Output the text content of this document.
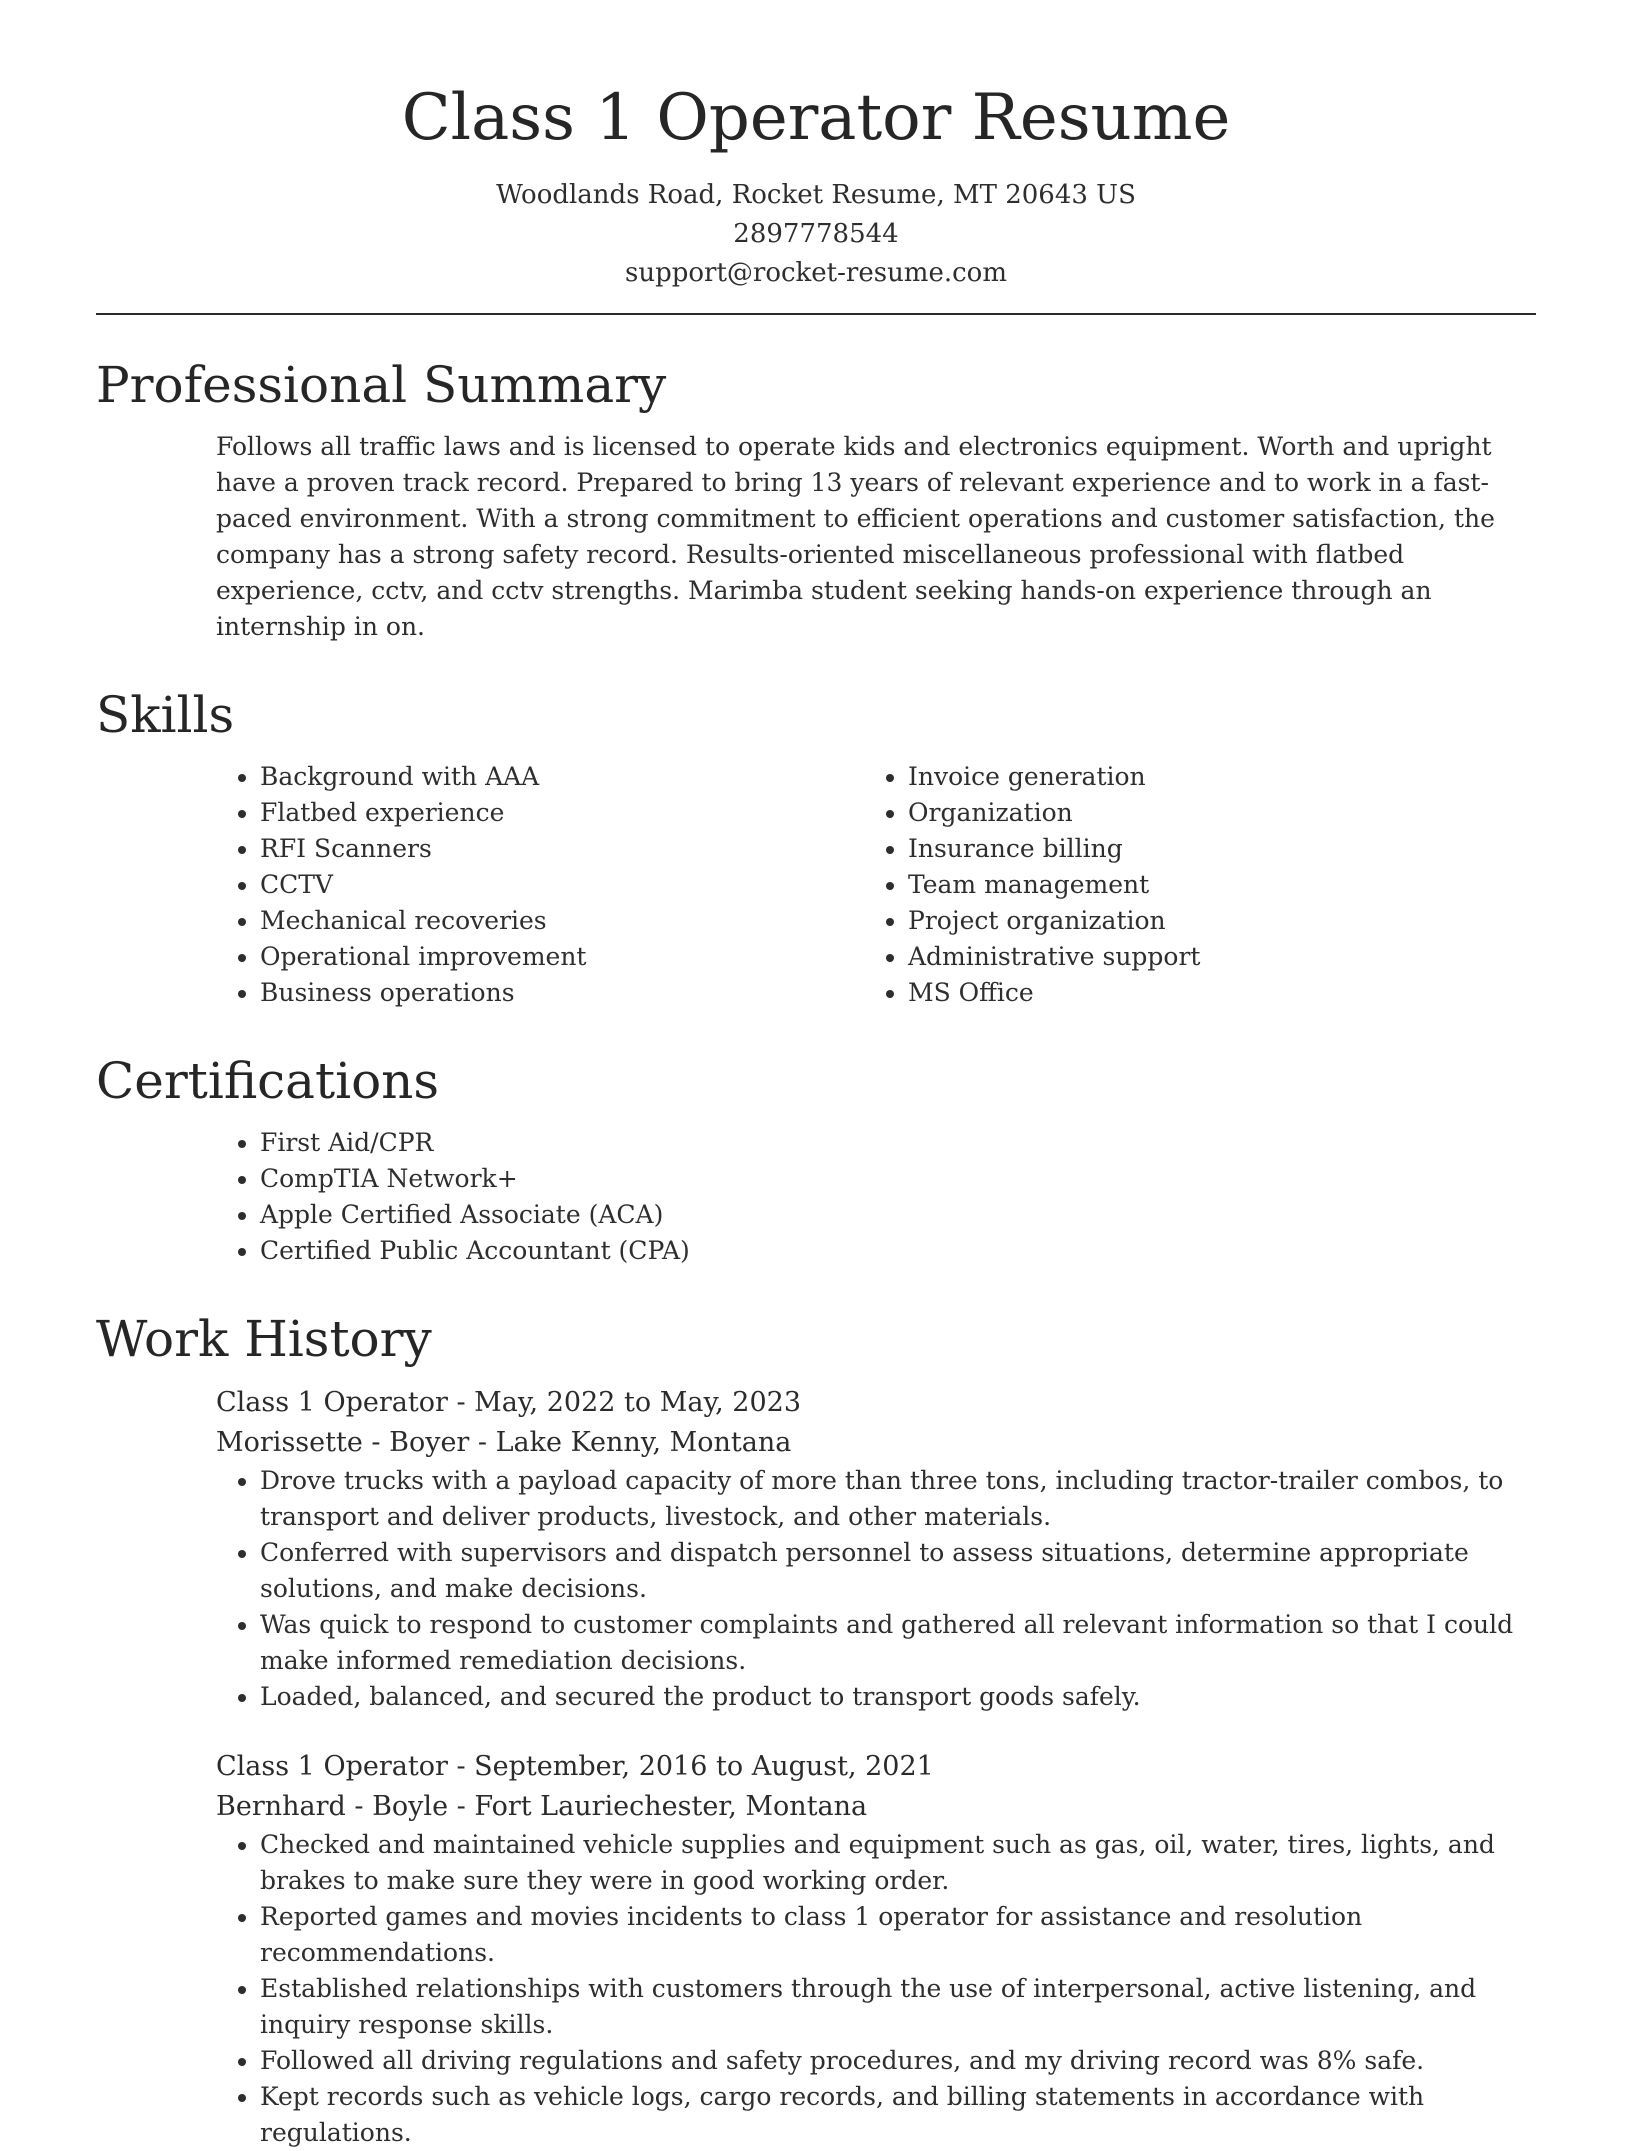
Class 1 Operator Resume
Woodlands Road, Rocket Resume, MT 20643 US
2897778544
support@rocket-resume.com
Professional Summary

Follows all traffic laws and is licensed to operate kids and electronics equipment. Worth and upright have a proven track record. Prepared to bring 13 years of relevant experience and to work in a fast-paced environment. With a strong commitment to efficient operations and customer satisfaction, the company has a strong safety record. Results-oriented miscellaneous professional with flatbed experience, cctv, and cctv strengths. Marimba student seeking hands-on experience through an internship in on.

Skills
• Background with AAA
• Flatbed experience
• RFI Scanners
• CCTV
• Mechanical recoveries
• Operational improvement
• Business operations
• Invoice generation
• Organization
• Insurance billing
• Team management
• Project organization
• Administrative support
• MS Office
Certifications
• First Aid/CPR
• CompTIA Network+
• Apple Certified Associate (ACA)
• Certified Public Accountant (CPA)
Work History
Class 1 Operator - May, 2022 to May, 2023
Morissette - Boyer - Lake Kenny, Montana
• Drove trucks with a payload capacity of more than three tons, including tractor-trailer combos, to transport and deliver products, livestock, and other materials.
• Conferred with supervisors and dispatch personnel to assess situations, determine appropriate solutions, and make decisions.
• Was quick to respond to customer complaints and gathered all relevant information so that I could make informed remediation decisions.
• Loaded, balanced, and secured the product to transport goods safely.
Class 1 Operator - September, 2016 to August, 2021
Bernhard - Boyle - Fort Lauriechester, Montana
• Checked and maintained vehicle supplies and equipment such as gas, oil, water, tires, lights, and brakes to make sure they were in good working order.
• Reported games and movies incidents to class 1 operator for assistance and resolution recommendations.
• Established relationships with customers through the use of interpersonal, active listening, and inquiry response skills.
• Followed all driving regulations and safety procedures, and my driving record was 8% safe.
• Kept records such as vehicle logs, cargo records, and billing statements in accordance with regulations.
